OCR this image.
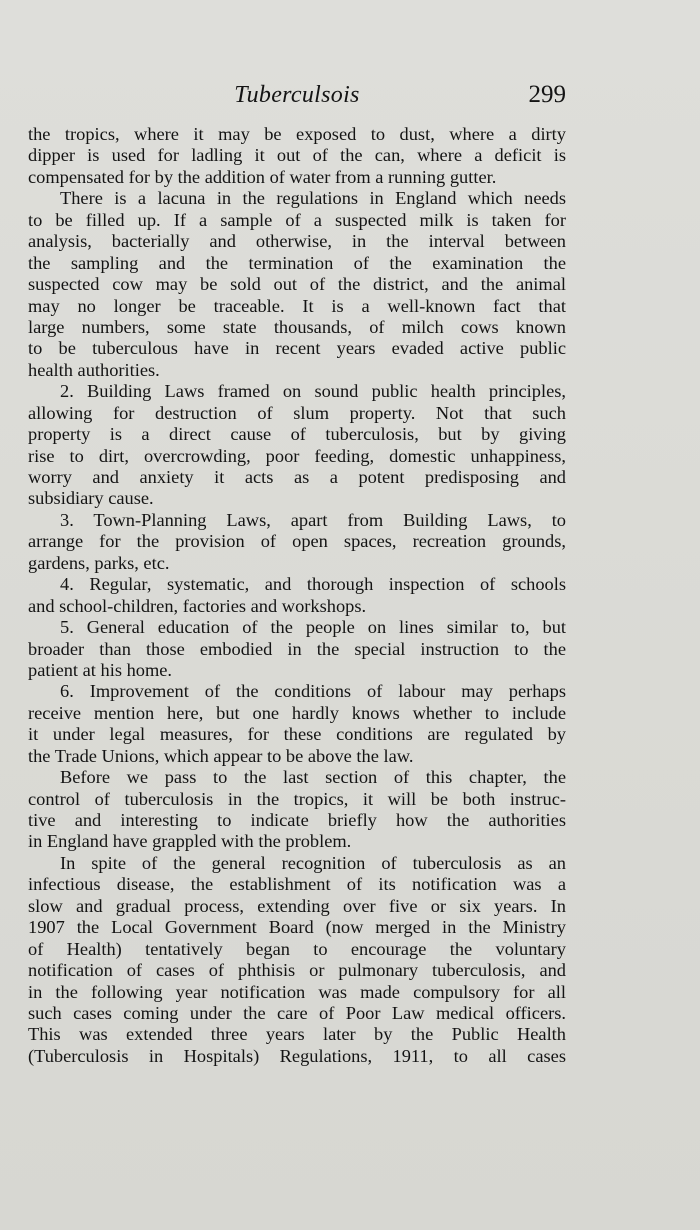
Tuberculsois	299
the tropics, where it may be exposed to dust, where a dirty
dipper is used for ladling it out of the can, where a deficit is
compensated for by the addition of water from a running gutter.
There is a lacuna in the regulations in England which needs
to be filled up. If a sample of a suspected milk is taken for
analysis, bacterially and otherwise, in the interval between
the sampling and the termination of the examination the
suspected cow may be sold out of the district, and the animal
may no longer be traceable. It is a well-known fact that
large numbers, some state thousands, of milch cows known
to be tuberculous have in recent years evaded active public
health authorities.
2. Building Laws framed on sound public health principles,
allowing for destruction of slum property. Not that such
property is a direct cause of tuberculosis, but by giving
rise to dirt, overcrowding, poor feeding, domestic unhappiness,
worry and anxiety it acts as a potent predisposing and
subsidiary cause.
3. Town-Planning Laws, apart from Building Laws, to
arrange for the provision of open spaces, recreation grounds,
gardens, parks, etc.
4. Regular, systematic, and thorough inspection of schools
and school-children, factories and workshops.
5. General education of the people on lines similar to, but
broader than those embodied in the special instruction to the
patient at his home.
6. Improvement of the conditions of labour may perhaps
receive mention here, but one hardly knows whether to include
it under legal measures, for these conditions are regulated by
the Trade Unions, which appear to be above the law.
Before we pass to the last section of this chapter, the
control of tuberculosis in the tropics, it will be both instruc-
tive and interesting to indicate briefly how the authorities
in England have grappled with the problem.
In spite of the general recognition of tuberculosis as an
infectious disease, the establishment of its notification was a
slow and gradual process, extending over five or six years. In
1907 the Local Government Board (now merged in the Ministry
of Health) tentatively began to encourage the voluntary
notification of cases of phthisis or pulmonary tuberculosis, and
in the following year notification was made compulsory for all
such cases coming under the care of Poor Law medical officers.
This was extended three years later by the Public Health
(Tuberculosis in Hospitals) Regulations, 1911, to all cases
